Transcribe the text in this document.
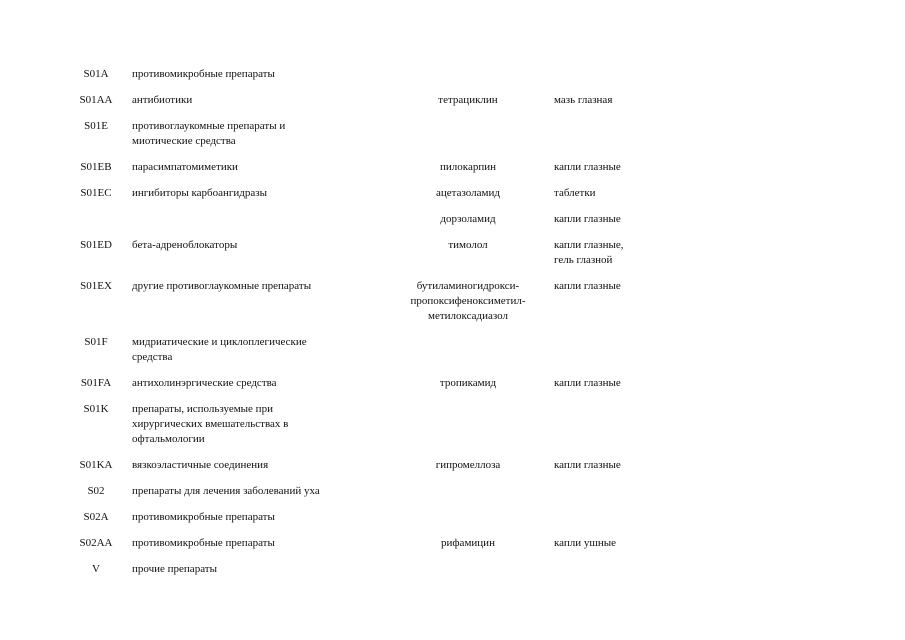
S01A	противомикробные препараты		
S01AA	антибиотики	тетрациклин	мазь глазная
S01E	противоглаукомные препараты и
миотические средства		
S01EB	парасимпатомиметики	пилокарпин	капли глазные
S01EC	ингибиторы карбоангидразы	ацетазоламид	таблетки
		дорзоламид	капли глазные
S01ED	бета-адреноблокаторы	тимолол	капли глазные,
гель глазной
S01EX	другие противоглаукомные препараты	бутиламиногидрокси-
пропоксифеноксиметил-
метилоксадиазол	капли глазные
S01F	мидриатические и циклоплегические
средства		
S01FA	антихолинэргические средства	тропикамид	капли глазные
S01K	препараты, используемые при
хирургических вмешательствах в
офтальмологии		
S01KA	вязкоэластичные соединения	гипромеллоза	капли глазные
S02	препараты для лечения заболеваний уха		
S02A	противомикробные препараты		
S02AA	противомикробные препараты	рифамицин	капли ушные
V	прочие препараты		
